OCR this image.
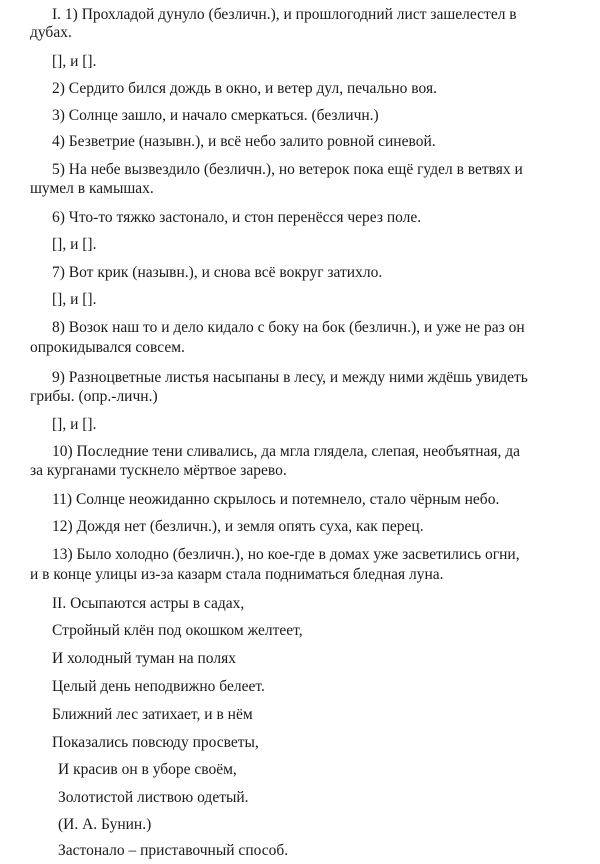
I. 1) Прохладой дунуло (безличн.), и прошлогодний лист зашелестел в
дубах.
[], и [].
2) Сердито бился дождь в окно, и ветер дул, печально воя.
3) Солнце зашло, и начало смеркаться. (безличн.)
4) Безветрие (назывн.), и всё небо залито ровной синевой.
5) На небе вызвездило (безличн.), но ветерок пока ещё гудел в ветвях и
шумел в камышах.
6) Что-то тяжко застонало, и стон перенёсся через поле.
[], и [].
7) Вот крик (назывн.), и снова всё вокруг затихло.
[], и [].
8) Возок наш то и дело кидало с боку на бок (безличн.), и уже не раз он
опрокидывался совсем.
9) Разноцветные листья насыпаны в лесу, и между ними ждёшь увидеть
грибы. (опр.-личн.)
[], и [].
10) Последние тени сливались, да мгла глядела, слепая, необъятная, да
за курганами тускнело мёртвое зарево.
11) Солнце неожиданно скрылось и потемнело, стало чёрным небо.
12) Дождя нет (безличн.), и земля опять суха, как перец.
13) Было холодно (безличн.), но кое-где в домах уже засветились огни,
и в конце улицы из-за казарм стала подниматься бледная луна.
II. Осыпаются астры в садах,
Стройный клён под окошком желтеет,
И холодный туман на полях
Целый день неподвижно белеет.
Ближний лес затихает, и в нём
Показались повсюду просветы,
И красив он в уборе своём,
Золотистой листвою одетый.
(И. А. Бунин.)
Застонало – приставочный способ.
